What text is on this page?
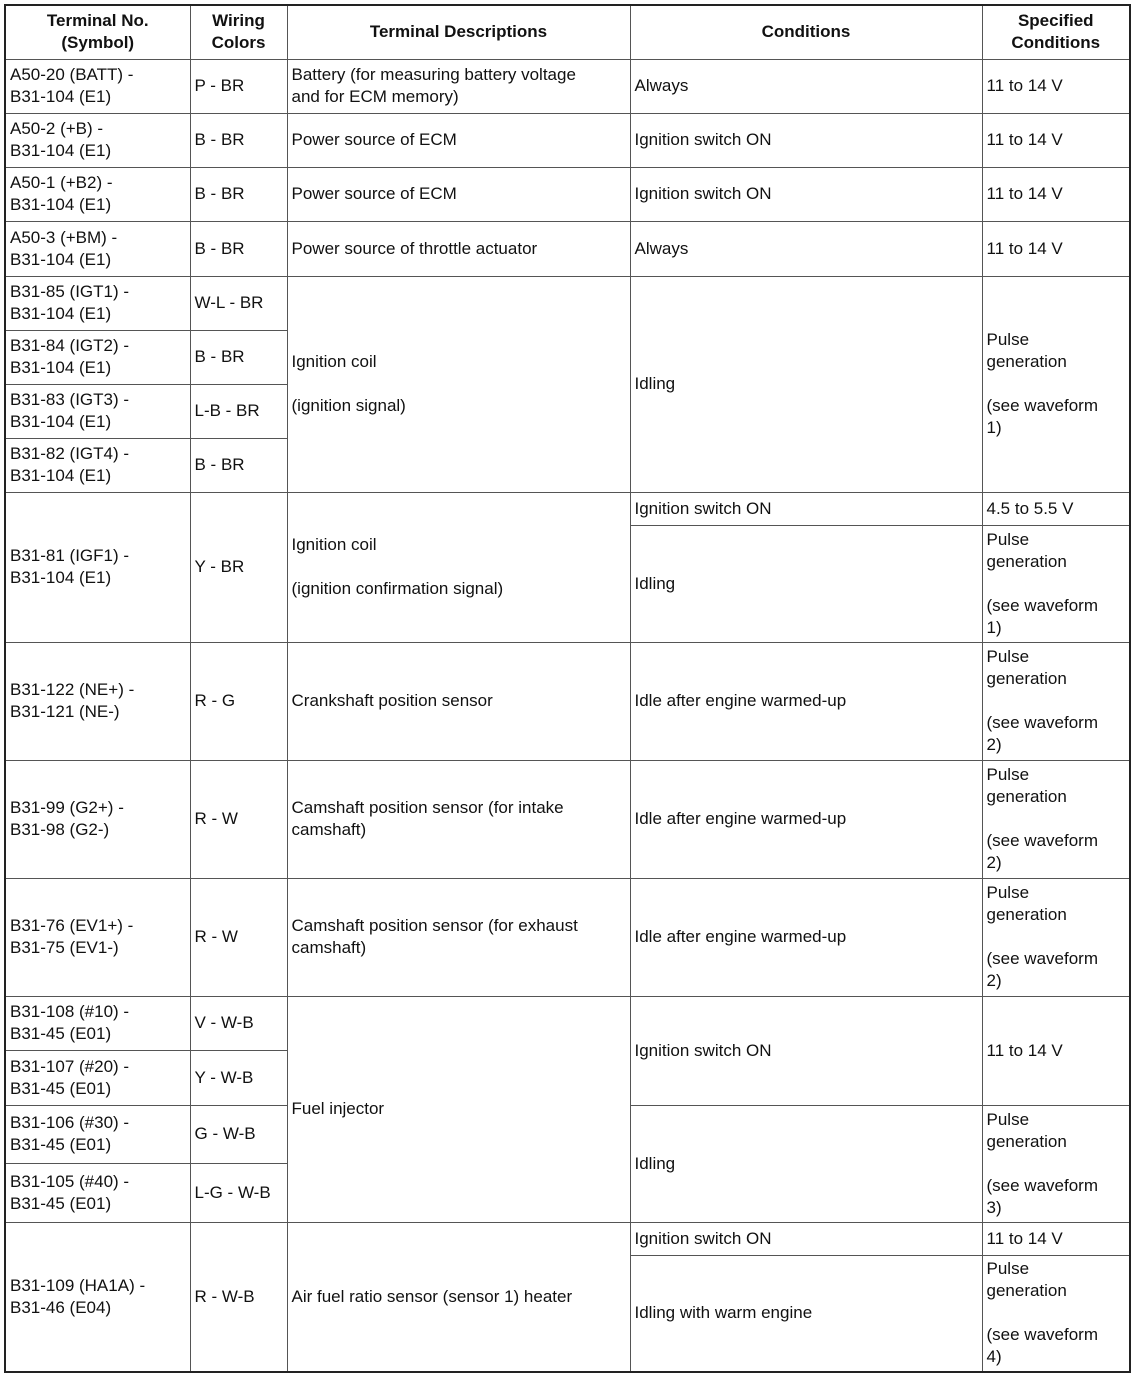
Terminal No.
(Symbol)	Wiring
Colors	Terminal Descriptions	Conditions	Specified
Conditions
A50-20 (BATT) -
B31-104 (E1)	P - BR	Battery (for measuring battery voltage
and for ECM memory)	Always	11 to 14 V
A50-2 (+B) -
B31-104 (E1)	B - BR	Power source of ECM	Ignition switch ON	11 to 14 V
A50-1 (+B2) -
B31-104 (E1)	B - BR	Power source of ECM	Ignition switch ON	11 to 14 V
A50-3 (+BM) -
B31-104 (E1)	B - BR	Power source of throttle actuator	Always	11 to 14 V
B31-85 (IGT1) -
B31-104 (E1)	W-L - BR	Ignition coil

(ignition signal)	Idling	Pulse
generation

(see waveform
1)
B31-84 (IGT2) -
B31-104 (E1)	B - BR			
B31-83 (IGT3) -
B31-104 (E1)	L-B - BR			
B31-82 (IGT4) -
B31-104 (E1)	B - BR			
B31-81 (IGF1) -
B31-104 (E1)	Y - BR	Ignition coil

(ignition confirmation signal)	Ignition switch ON	4.5 to 5.5 V
			Idling	Pulse
generation

(see waveform
1)
B31-122 (NE+) -
B31-121 (NE-)	R - G	Crankshaft position sensor	Idle after engine warmed-up	Pulse
generation

(see waveform
2)
B31-99 (G2+) -
B31-98 (G2-)	R - W	Camshaft position sensor (for intake
camshaft)	Idle after engine warmed-up	Pulse
generation

(see waveform
2)
B31-76 (EV1+) -
B31-75 (EV1-)	R - W	Camshaft position sensor (for exhaust
camshaft)	Idle after engine warmed-up	Pulse
generation

(see waveform
2)
B31-108 (#10) -
B31-45 (E01)	V - W-B	Fuel injector	Ignition switch ON	11 to 14 V
B31-107 (#20) -
B31-45 (E01)	Y - W-B			
B31-106 (#30) -
B31-45 (E01)	G - W-B		Idling	Pulse
generation

(see waveform
3)
B31-105 (#40) -
B31-45 (E01)	L-G - W-B			
B31-109 (HA1A) -
B31-46 (E04)	R - W-B	Air fuel ratio sensor (sensor 1) heater	Ignition switch ON	11 to 14 V
			Idling with warm engine	Pulse
generation

(see waveform
4)
